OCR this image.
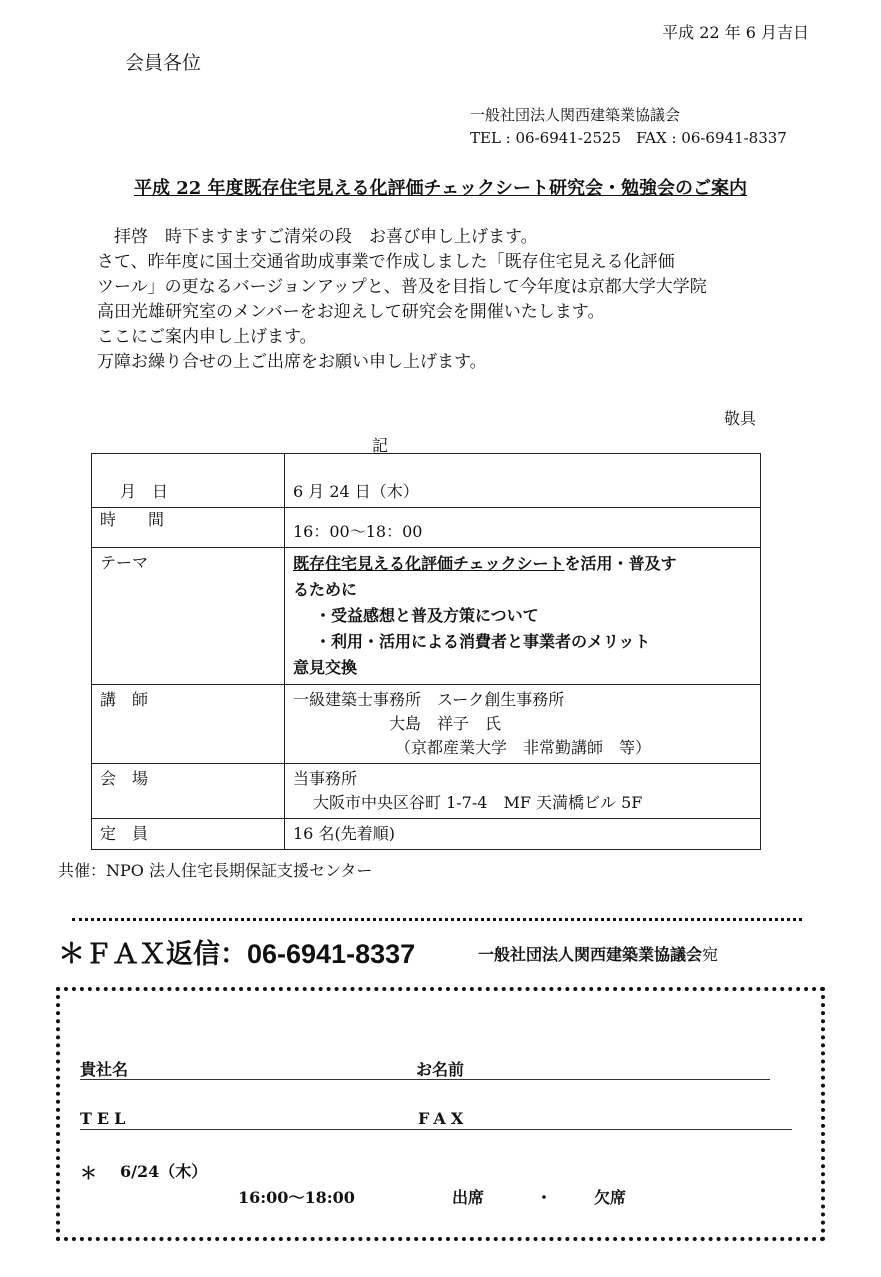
平成 22 年 6 月吉日
会員各位
一般社団法人関西建築業協議会
TEL : 06-6941-2525　FAX : 06-6941-8337
平成 22 年度既存住宅見える化評価チェックシート研究会・勉強会のご案内
　拝啓　時下ますますご清栄の段　お喜び申し上げます。
さて、昨年度に国土交通省助成事業で作成しました「既存住宅見える化評価
ツール」の更なるバージョンアップと、普及を目指して今年度は京都大学大学院
高田光雄研究室のメンバーをお迎えして研究会を開催いたします。
ここにご案内申し上げます。
万障お繰り合せの上ご出席をお願い申し上げます。
敬具
記
月　日	6 月 24 日（木）
時　　間	16：00～18：00
テーマ	既存住宅見える化評価チェックシートを活用・普及す
るために
・受益感想と普及方策について
・利用・活用による消費者と事業者のメリット
意見交換

講　師	一級建築士事務所　スーク創生事務所
大島　祥子　氏
（京都産業大学　非常勤講師　等）

会　場	当事務所
大阪市中央区谷町 1-7-4　MF 天満橋ビル 5F

定　員	16 名(先着順)
共催：NPO 法人住宅長期保証支援センター
＊ＦＡＸ返信：06-6941-8337	一般社団法人関西建築業協議会宛
貴社名	お名前
TEL	FAX
＊ 6/24（木）
16:00～18:00	出席	・	欠席
